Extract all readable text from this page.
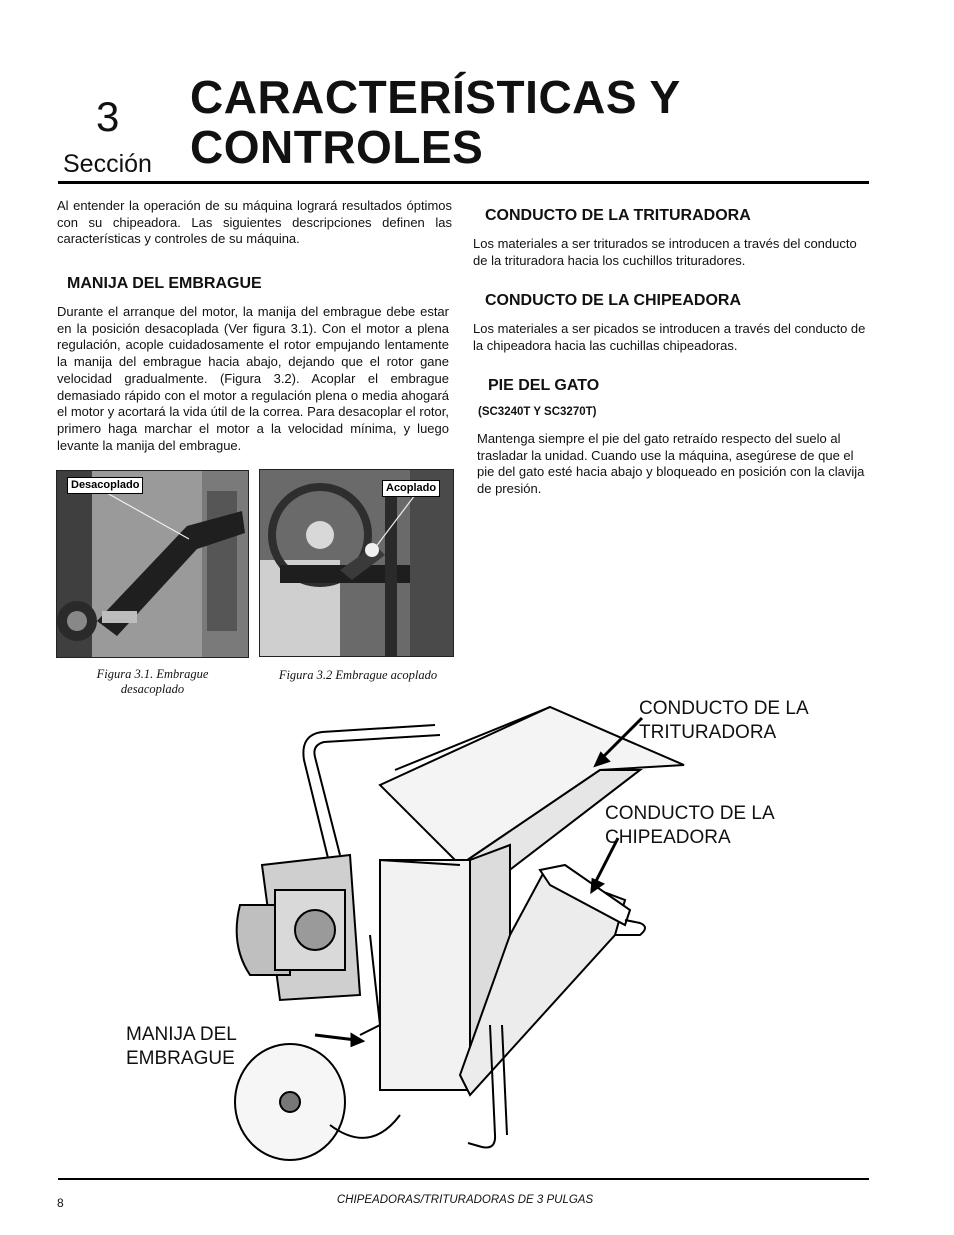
3
Sección
CARACTERÍSTICAS Y
CONTROLES
Al entender la operación de su máquina logrará resultados óptimos con su chipeadora. Las siguientes descripciones definen las características y controles de su máquina.
MANIJA DEL EMBRAGUE
Durante el arranque del motor, la manija del embrague debe estar en la posición desacoplada (Ver figura 3.1). Con el motor a plena regulación, acople cuidadosamente el rotor empujando lentamente la manija del embrague hacia abajo, dejando que el rotor gane velocidad gradualmente. (Figura 3.2). Acoplar el embrague demasiado rápido con el motor a regulación plena o media ahogará el motor y acortará la vida útil de la correa. Para desacoplar el rotor, primero haga marchar el motor a la velocidad mínima, y luego levante la manija del embrague.
Desacoplado
Figura 3.1. Embrague desacoplado
Acoplado
Figura 3.2 Embrague acoplado
CONDUCTO DE LA TRITURADORA
Los materiales a ser triturados se introducen a través del conducto de la trituradora hacia los cuchillos trituradores.
CONDUCTO DE LA CHIPEADORA
Los materiales a ser picados se introducen a través del conducto de la chipeadora hacia las cuchillas chipeadoras.
PIE DEL GATO
(SC3240T Y SC3270T)
Mantenga siempre el pie del gato retraído respecto del suelo al trasladar la unidad. Cuando use la máquina, asegúrese de que el pie del gato esté hacia abajo y bloqueado en posición con la clavija de presión.
CONDUCTO DE LA
TRITURADORA
CONDUCTO DE LA
CHIPEADORA
MANIJA DEL
EMBRAGUE
8	CHIPEADORAS/TRITURADORAS DE 3 PULGAS
